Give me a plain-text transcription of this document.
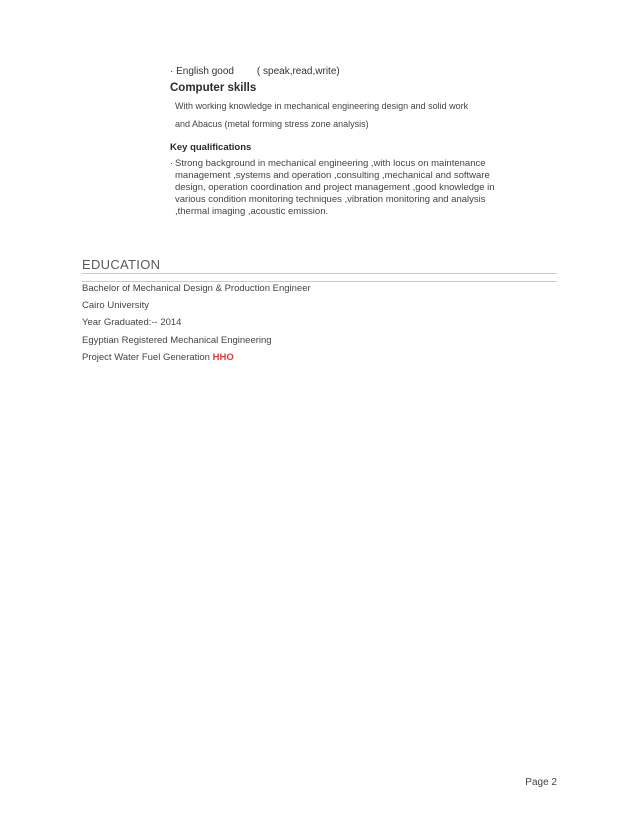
· English good ( speak,read,write)
Computer skills
With working knowledge in mechanical engineering design and solid work
and Abacus (metal forming stress zone analysis)
Key qualifications
· Strong background in mechanical engineering ,with locus on maintenance management ,systems and operation ,consulting ,mechanical and software design, operation coordination and project management ,good knowledge in various condition monitoring techniques ,vibration monitoring and analysis ,thermal imaging ,acoustic emission.
EDUCATION
Bachelor of Mechanical Design & Production Engineer
Cairo University
Year Graduated:-- 2014
Egyptian Registered Mechanical Engineering
Project Water Fuel Generation HHO
Page 2
